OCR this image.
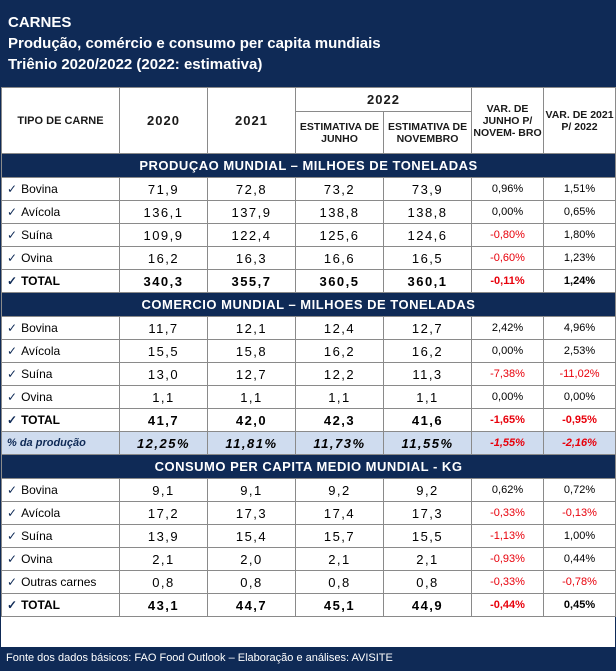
CARNES
Produção, comércio e consumo per capita mundiais
Triênio 2020/2022 (2022: estimativa)
TIPO DE CARNE	2020	2021	2022		VAR. DE JUNHO P/ NOVEM- BRO	VAR. DE 2021 P/ 2022
			ESTIMATIVA DE JUNHO	ESTIMATIVA DE NOVEMBRO		
PRODUÇAO MUNDIAL – MILHOES DE TONELADAS						
✓ Bovina	71,9	72,8	73,2	73,9	0,96%	1,51%
✓ Avícola	136,1	137,9	138,8	138,8	0,00%	0,65%
✓ Suína	109,9	122,4	125,6	124,6	-0,80%	1,80%
✓ Ovina	16,2	16,3	16,6	16,5	-0,60%	1,23%
✓ TOTAL	340,3	355,7	360,5	360,1	-0,11%	1,24%
COMERCIO MUNDIAL – MILHOES DE TONELADAS						
✓ Bovina	11,7	12,1	12,4	12,7	2,42%	4,96%
✓ Avícola	15,5	15,8	16,2	16,2	0,00%	2,53%
✓ Suína	13,0	12,7	12,2	11,3	-7,38%	-11,02%
✓ Ovina	1,1	1,1	1,1	1,1	0,00%	0,00%
✓ TOTAL	41,7	42,0	42,3	41,6	-1,65%	-0,95%
% da produção	12,25%	11,81%	11,73%	11,55%	-1,55%	-2,16%
CONSUMO PER CAPITA MEDIO MUNDIAL - KG						
✓ Bovina	9,1	9,1	9,2	9,2	0,62%	0,72%
✓ Avícola	17,2	17,3	17,4	17,3	-0,33%	-0,13%
✓ Suína	13,9	15,4	15,7	15,5	-1,13%	1,00%
✓ Ovina	2,1	2,0	2,1	2,1	-0,93%	0,44%
✓ Outras carnes	0,8	0,8	0,8	0,8	-0,33%	-0,78%
✓ TOTAL	43,1	44,7	45,1	44,9	-0,44%	0,45%
Fonte dos dados básicos: FAO Food Outlook – Elaboração e análises: AVISITE
